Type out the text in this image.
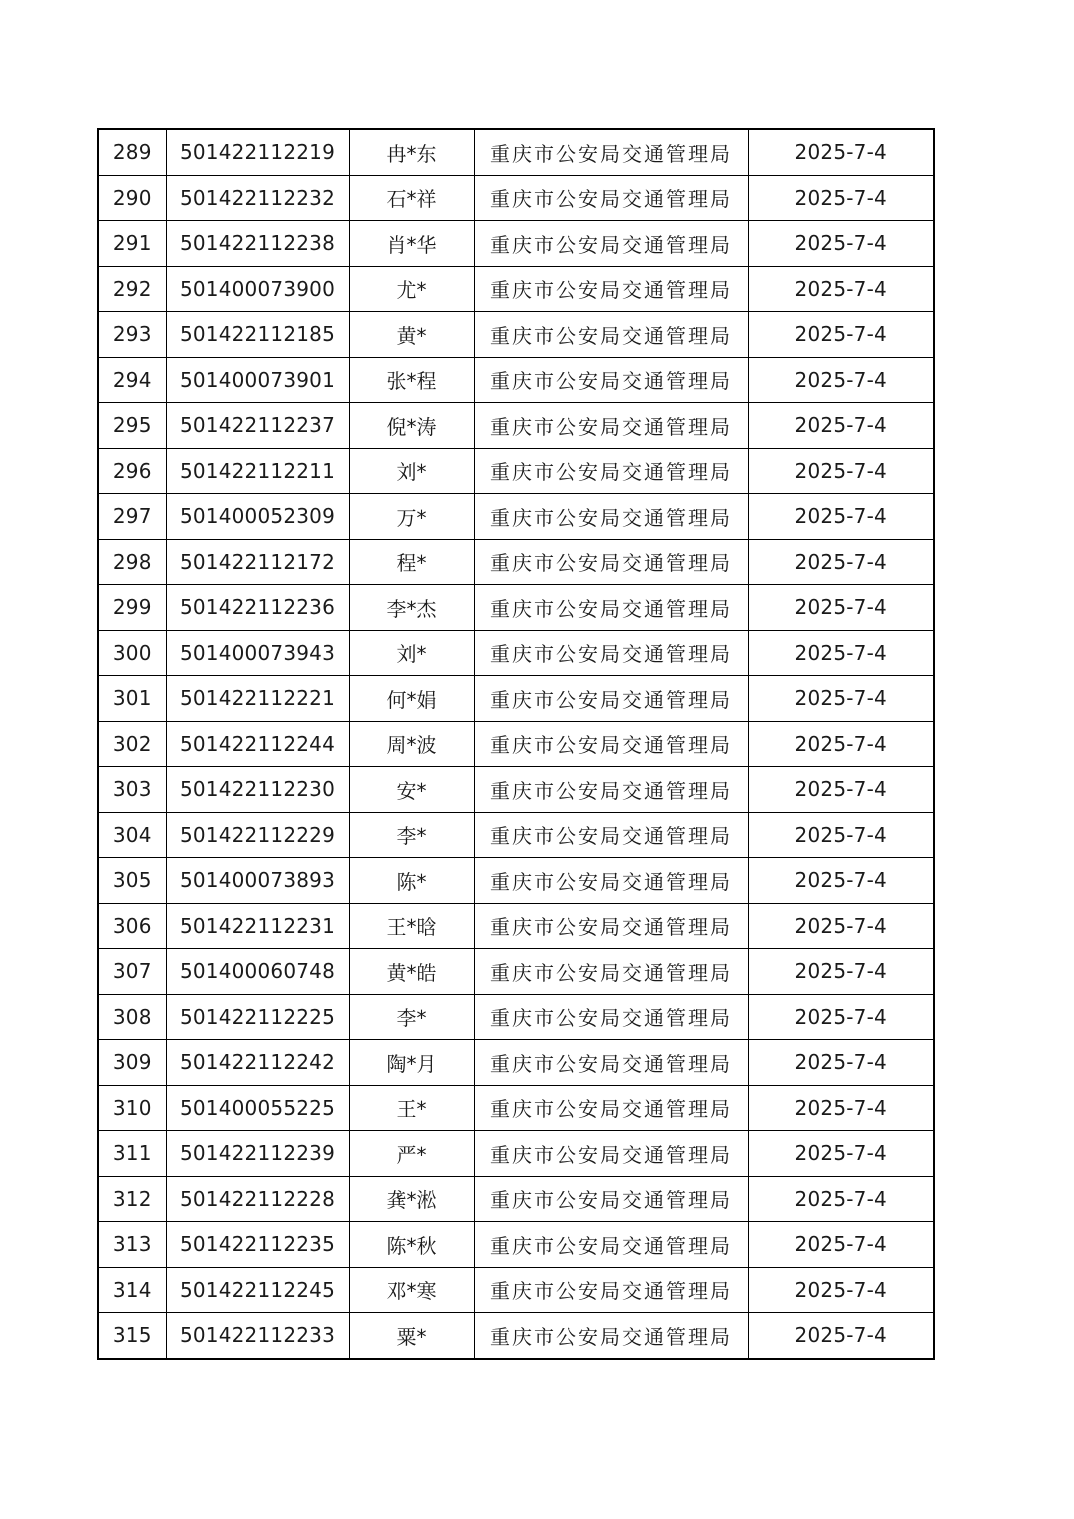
289	501422112219	冉*东	重庆市公安局交通管理局	2025-7-4
290	501422112232	石*祥	重庆市公安局交通管理局	2025-7-4
291	501422112238	肖*华	重庆市公安局交通管理局	2025-7-4
292	501400073900	尤*	重庆市公安局交通管理局	2025-7-4
293	501422112185	黄*	重庆市公安局交通管理局	2025-7-4
294	501400073901	张*程	重庆市公安局交通管理局	2025-7-4
295	501422112237	倪*涛	重庆市公安局交通管理局	2025-7-4
296	501422112211	刘*	重庆市公安局交通管理局	2025-7-4
297	501400052309	万*	重庆市公安局交通管理局	2025-7-4
298	501422112172	程*	重庆市公安局交通管理局	2025-7-4
299	501422112236	李*杰	重庆市公安局交通管理局	2025-7-4
300	501400073943	刘*	重庆市公安局交通管理局	2025-7-4
301	501422112221	何*娟	重庆市公安局交通管理局	2025-7-4
302	501422112244	周*波	重庆市公安局交通管理局	2025-7-4
303	501422112230	安*	重庆市公安局交通管理局	2025-7-4
304	501422112229	李*	重庆市公安局交通管理局	2025-7-4
305	501400073893	陈*	重庆市公安局交通管理局	2025-7-4
306	501422112231	王*晗	重庆市公安局交通管理局	2025-7-4
307	501400060748	黄*皓	重庆市公安局交通管理局	2025-7-4
308	501422112225	李*	重庆市公安局交通管理局	2025-7-4
309	501422112242	陶*月	重庆市公安局交通管理局	2025-7-4
310	501400055225	王*	重庆市公安局交通管理局	2025-7-4
311	501422112239	严*	重庆市公安局交通管理局	2025-7-4
312	501422112228	龚*淞	重庆市公安局交通管理局	2025-7-4
313	501422112235	陈*秋	重庆市公安局交通管理局	2025-7-4
314	501422112245	邓*寒	重庆市公安局交通管理局	2025-7-4
315	501422112233	粟*	重庆市公安局交通管理局	2025-7-4
